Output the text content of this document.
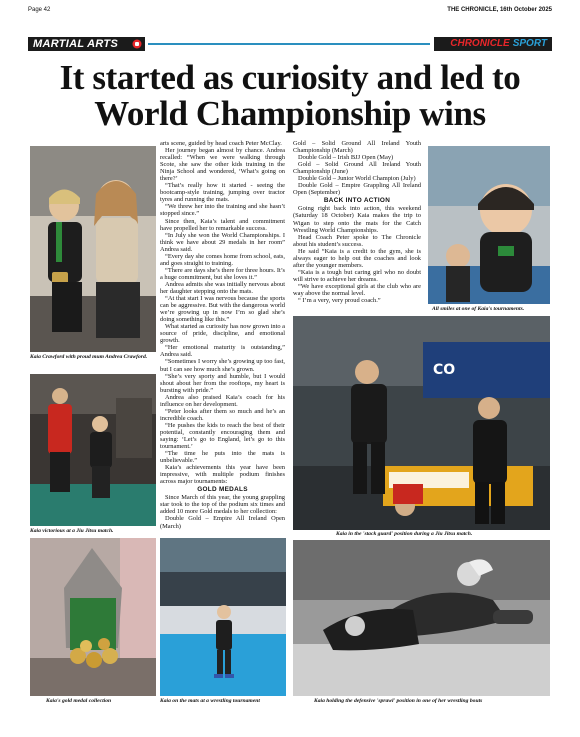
Page 42	THE CHRONICLE, 16th October 2025
MARTIAL ARTS	CHRONICLE SPORT
It started as curiosity and led to World Championship wins
Kaia Crawford with proud mum Andrea Crawford.
Kaia victorious at a Jiu Jitsu match.
Kaia's gold medal collection	Kaia on the mats at a wrestling tournament
All smiles at one of Kaia's tournaments.
CO
Kaia in the 'stack guard' position during a Jiu Jitsu match.
Kaia holding the defensive 'sprawl' position in one of her wrestling bouts

arts scene, guided by head coach Peter McClay.

Her journey began almost by chance. Andrea recalled: “When we were walking through Scote, she saw the other kids training in the Ninja School and wondered, ‘What’s going on there?’

“That’s really how it started - seeing the bootcamp-style training, jumping over tractor tyres and running the mats.

“We threw her into the training and she hasn’t stopped since.”

Since then, Kaia’s talent and commitment have propelled her to remarkable success.

“In July she won the World Championships. I think we have about 29 medals in her room” Andrea said.

“Every day she comes home from school, eats, and goes straight to training.

“There are days she’s there for three hours. It’s a huge commitment, but she loves it.”

Andrea admits she was initially nervous about her daughter stepping onto the mats.

“At that start I was nervous because the sports can be aggressive. But with the dangerous world we’re growing up in now I’m so glad she’s doing something like this.”

What started as curiosity has now grown into a source of pride, discipline, and emotional growth.

“Her emotional maturity is outstanding,” Andrea said.

“Sometimes I worry she’s growing up too fast, but I can see how much she’s grown.

“She’s very sporty and humble, but I would shout about her from the rooftops, my heart is bursting with pride.”

Andrea also praised Kaia’s coach for his influence on her development.

“Peter looks after them so much and he’s an incredible coach.

“He pushes the kids to reach the best of their potential, constantly encouraging them and saying: ‘Let’s go to England, let’s go to this tournament.’

“The time he puts into the mats is unbelievable.”

Kaia’s achievements this year have been impressive, with multiple podium finishes across major tournaments:

GOLD MEDALS

Since March of this year, the young grappling star took to the top of the podium six times and added 10 more Gold medals to her collection:

Double Gold – Empire All Ireland Open (March)

Gold – Solid Ground All Ireland Youth Championship (March)

Double Gold – Irish BJJ Open (May)

Gold – Solid Ground All Ireland Youth Championship (June)

Double Gold – Junior World Champion (July)

Double Gold – Empire Grappling All Ireland Open (September)

BACK INTO ACTION

Going right back into action, this weekend (Saturday 18 October) Kaia makes the trip to Wigan to step onto the mats for the Catch Wrestling World Championships.

Head Coach Peter spoke to The Chronicle about his student’s success.

He said “Kaia is a credit to the gym, she is always eager to help out the coaches and look after the younger members.

“Kaia is a tough but caring girl who no doubt will strive to achieve her dreams.

“We have exceptional girls at the club who are way above the normal level.

“ I’m a very, very proud coach.”
